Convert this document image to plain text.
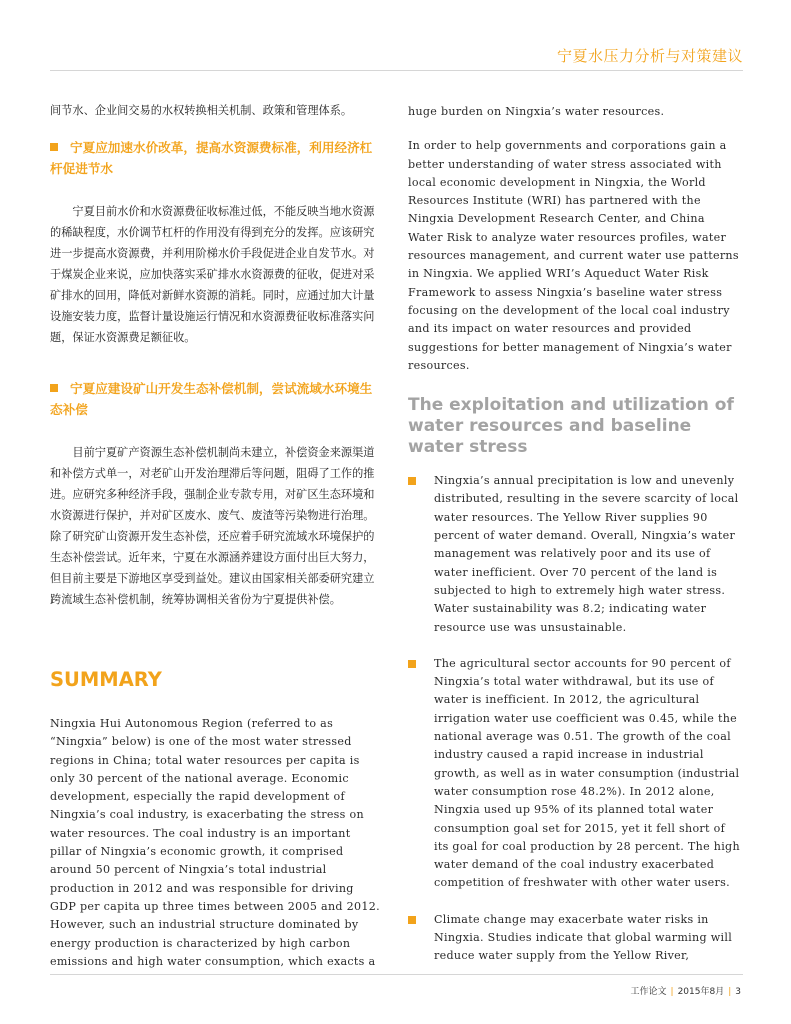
宁夏水压力分析与对策建议

间节水、企业间交易的水权转换相关机制、政策和管理体系。

宁夏应加速水价改革，提高水资源费标准，利用经济杠杆促进节水

宁夏目前水价和水资源费征收标准过低，不能反映当地水资源的稀缺程度，水价调节杠杆的作用没有得到充分的发挥。应该研究进一步提高水资源费，并利用阶梯水价手段促进企业自发节水。对于煤炭企业来说，应加快落实采矿排水水资源费的征收，促进对采矿排水的回用，降低对新鲜水资源的消耗。同时，应通过加大计量设施安装力度，监督计量设施运行情况和水资源费征收标准落实问题，保证水资源费足额征收。

宁夏应建设矿山开发生态补偿机制，尝试流域水环境生态补偿

目前宁夏矿产资源生态补偿机制尚未建立，补偿资金来源渠道和补偿方式单一，对老矿山开发治理滞后等问题，阻碍了工作的推进。应研究多种经济手段，强制企业专款专用，对矿区生态环境和水资源进行保护，并对矿区废水、废气、废渣等污染物进行治理。除了研究矿山资源开发生态补偿，还应着手研究流域水环境保护的生态补偿尝试。近年来，宁夏在水源涵养建设方面付出巨大努力，但目前主要是下游地区享受到益处。建议由国家相关部委研究建立跨流域生态补偿机制，统筹协调相关省份为宁夏提供补偿。

SUMMARY

Ningxia Hui Autonomous Region (referred to as “Ningxia” below) is one of the most water stressed regions in China; total water resources per capita is only 30 percent of the national average. Economic development, especially the rapid development of Ningxia’s coal industry, is exacerbating the stress on water resources. The coal industry is an important pillar of Ningxia’s economic growth, it comprised around 50 percent of Ningxia’s total industrial production in 2012 and was responsible for driving GDP per capita up three times between 2005 and 2012. However, such an industrial structure dominated by energy production is characterized by high carbon emissions and high water consumption, which exacts a

huge burden on Ningxia’s water resources.

In order to help governments and corporations gain a better understanding of water stress associated with local economic development in Ningxia, the World Resources Institute (WRI) has partnered with the Ningxia Development Research Center, and China Water Risk to analyze water resources profiles, water resources management, and current water use patterns in Ningxia. We applied WRI’s Aqueduct Water Risk Framework to assess Ningxia’s baseline water stress focusing on the development of the local coal industry and its impact on water resources and provided suggestions for better management of Ningxia’s water resources.

The exploitation and utilization of water resources and baseline water stress

Ningxia’s annual precipitation is low and unevenly distributed, resulting in the severe scarcity of local water resources. The Yellow River supplies 90 percent of water demand. Overall, Ningxia’s water management was relatively poor and its use of water inefficient. Over 70 percent of the land is subjected to high to extremely high water stress. Water sustainability was 8.2; indicating water resource use was unsustainable.

The agricultural sector accounts for 90 percent of Ningxia’s total water withdrawal, but its use of water is inefficient. In 2012, the agricultural irrigation water use coefficient was 0.45, while the national average was 0.51. The growth of the coal industry caused a rapid increase in industrial growth, as well as in water consumption (industrial water consumption rose 48.2%). In 2012 alone, Ningxia used up 95% of its planned total water consumption goal set for 2015, yet it fell short of its goal for coal production by 28 percent. The high water demand of the coal industry exacerbated competition of freshwater with other water users.

Climate change may exacerbate water risks in Ningxia. Studies indicate that global warming will reduce water supply from the Yellow River,

工作论文 | 2015年8月 | 3
